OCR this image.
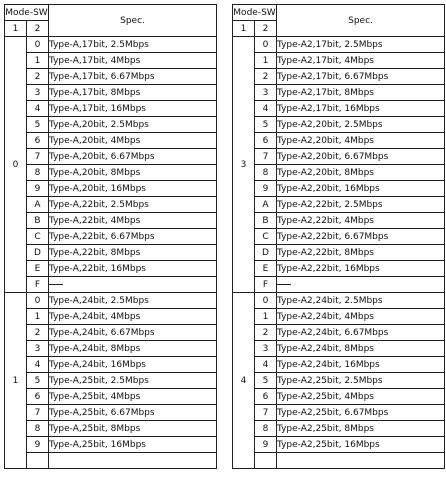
Mode-SW		Spec.
1	2	
0	0	Type-A,17bit, 2.5Mbps
	1	Type-A,17bit, 4Mbps
	2	Type-A,17bit, 6.67Mbps
	3	Type-A,17bit, 8Mbps
	4	Type-A,17bit, 16Mbps
	5	Type-A,20bit, 2.5Mbps
	6	Type-A,20bit, 4Mbps
	7	Type-A,20bit, 6.67Mbps
	8	Type-A,20bit, 8Mbps
	9	Type-A,20bit, 16Mbps
	A	Type-A,22bit, 2.5Mbps
	B	Type-A,22bit, 4Mbps
	C	Type-A,22bit, 6.67Mbps
	D	Type-A,22bit, 8Mbps
	E	Type-A,22bit, 16Mbps
	F	
1	0	Type-A,24bit, 2.5Mbps
	1	Type-A,24bit, 4Mbps
	2	Type-A,24bit, 6.67Mbps
	3	Type-A,24bit, 8Mbps
	4	Type-A,24bit, 16Mbps
	5	Type-A,25bit, 2.5Mbps
	6	Type-A,25bit, 4Mbps
	7	Type-A,25bit, 6.67Mbps
	8	Type-A,25bit, 8Mbps
	9	Type-A,25bit, 16Mbps

Mode-SW		Spec.
1	2	
3	0	Type-A2,17bit, 2.5Mbps
	1	Type-A2,17bit, 4Mbps
	2	Type-A2,17bit, 6.67Mbps
	3	Type-A2,17bit, 8Mbps
	4	Type-A2,17bit, 16Mbps
	5	Type-A2,20bit, 2.5Mbps
	6	Type-A2,20bit, 4Mbps
	7	Type-A2,20bit, 6.67Mbps
	8	Type-A2,20bit, 8Mbps
	9	Type-A2,20bit, 16Mbps
	A	Type-A2,22bit, 2.5Mbps
	B	Type-A2,22bit, 4Mbps
	C	Type-A2,22bit, 6.67Mbps
	D	Type-A2,22bit, 8Mbps
	E	Type-A2,22bit, 16Mbps
	F	
4	0	Type-A2,24bit, 2.5Mbps
	1	Type-A2,24bit, 4Mbps
	2	Type-A2,24bit, 6.67Mbps
	3	Type-A2,24bit, 8Mbps
	4	Type-A2,24bit, 16Mbps
	5	Type-A2,25bit, 2.5Mbps
	6	Type-A2,25bit, 4Mbps
	7	Type-A2,25bit, 6.67Mbps
	8	Type-A2,25bit, 8Mbps
	9	Type-A2,25bit, 16Mbps
